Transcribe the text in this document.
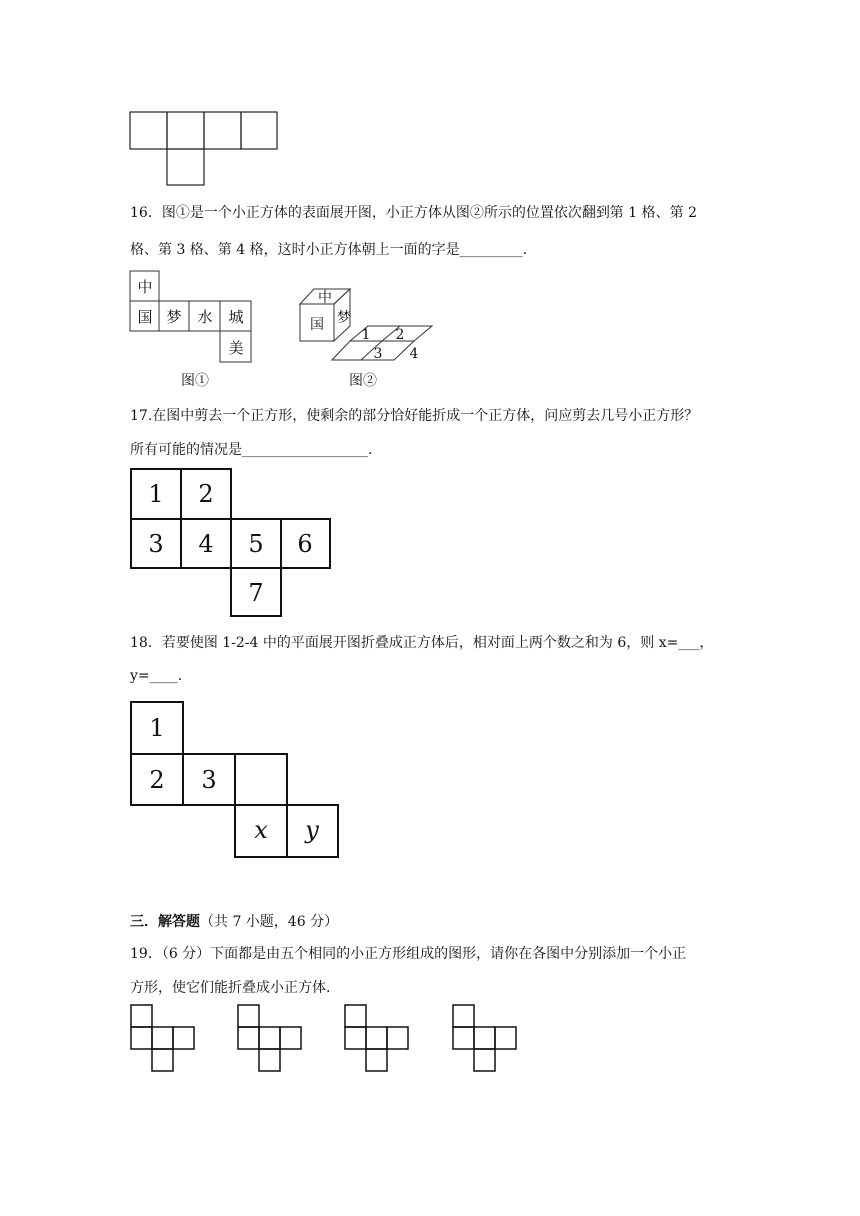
16．图①是一个小正方体的表面展开图，小正方体从图②所示的位置依次翻到第 1 格、第 2
格、第 3 格、第 4 格，这时小正方体朝上一面的字是_________.
中
国 梦 水 城
美
图①
中
国 梦
1 2
3 4
图②
17.在图中剪去一个正方形，使剩余的部分恰好能折成一个正方体，问应剪去几号小正方形？
所有可能的情况是__________________.
1 2
3 4 5 6
7
18．若要使图 1-2-4 中的平面展开图折叠成正方体后，相对面上两个数之和为 6，则 x=___，
y=____.
1
2 3
x y
三．解答题（共 7 小题，46 分）
19．（6 分）下面都是由五个相同的小正方形组成的图形，请你在各图中分别添加一个小正
方形，使它们能折叠成小正方体.
